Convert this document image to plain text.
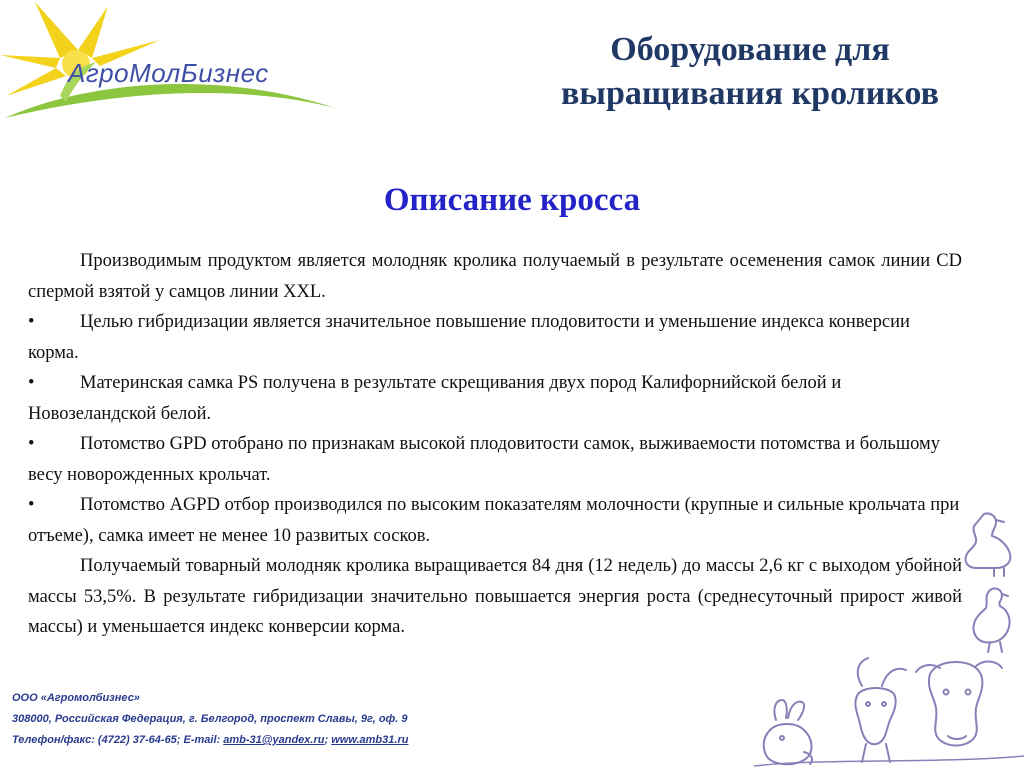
АгроМолБизнес
Оборудование для
выращивания кроликов
Описание кросса

Производимым продуктом является молодняк кролика получаемый в результате осеменения самок линии CD спермой взятой у самцов линии XXL.

• Целью гибридизации является значительное повышение плодовитости и уменьшение индекса конверсии корма.

• Материнская самка PS получена в результате скрещивания двух пород Калифорнийской белой и Новозеландской белой.

• Потомство GPD отобрано по признакам высокой плодовитости самок, выживаемости потомства и большому весу новорожденных крольчат.

• Потомство AGPD отбор производился по высоким показателям молочности (крупные и сильные крольчата при отъеме), самка имеет не менее 10 развитых сосков.

Получаемый товарный молодняк кролика выращивается 84 дня (12 недель) до массы 2,6 кг с выходом убойной массы 53,5%. В результате гибридизации значительно повышается энергия роста (среднесуточный прирост живой массы) и уменьшается индекс конверсии корма.

ООО «Агромолбизнес»
308000, Российская Федерация, г. Белгород, проспект Славы, 9г, оф. 9
Телефон/факс: (4722) 37-64-65; E-mail: amb-31@yandex.ru; www.amb31.ru
